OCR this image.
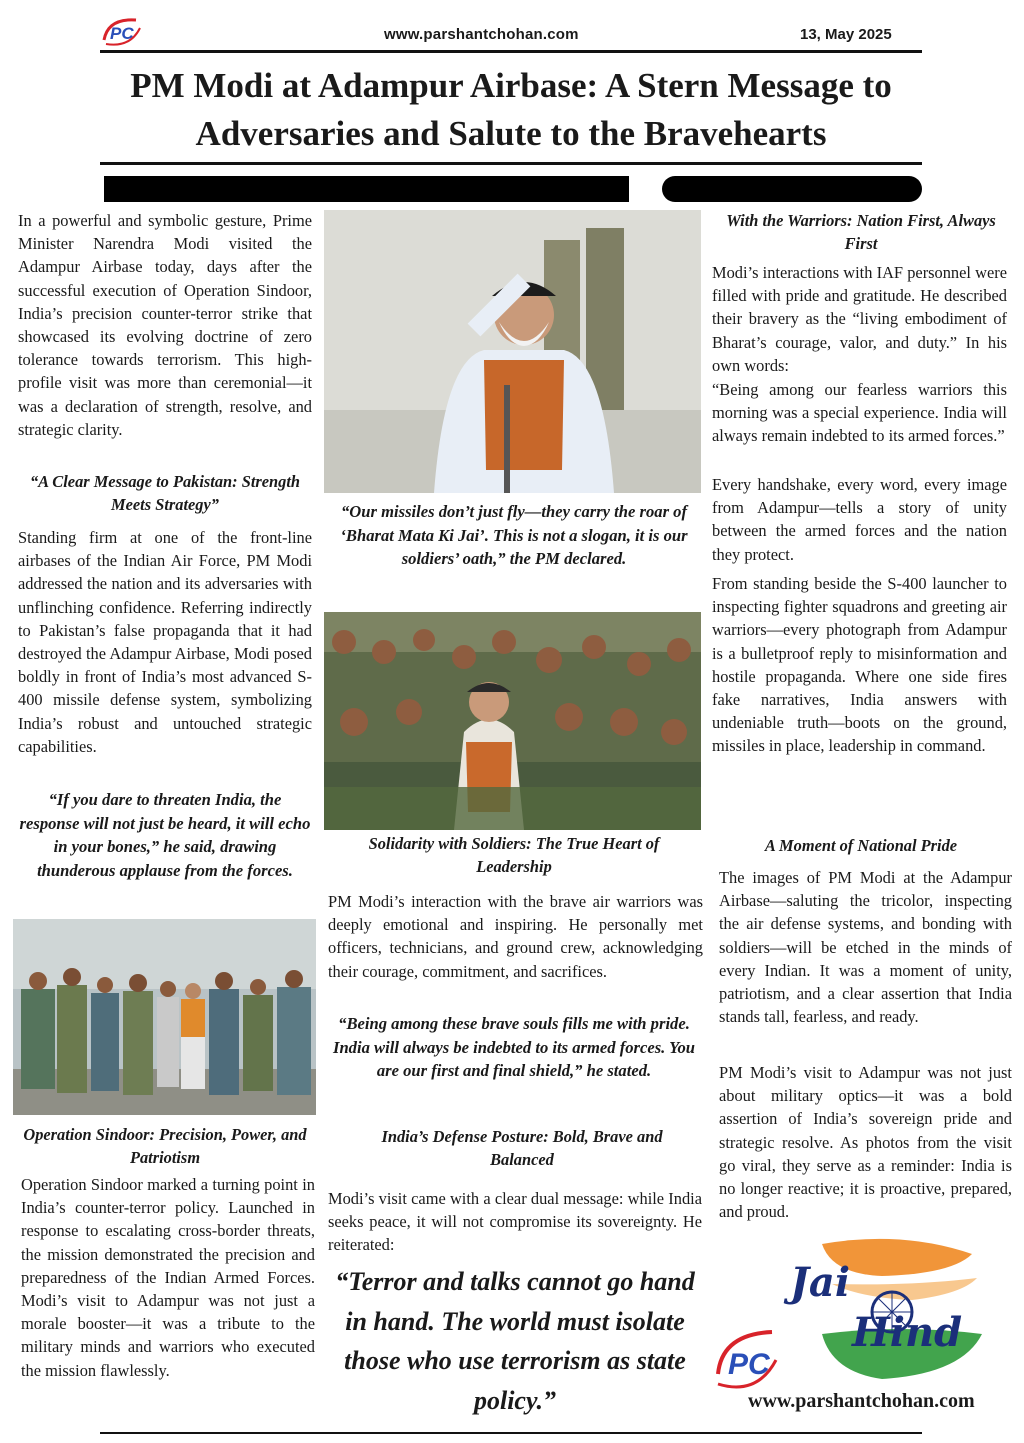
PC	www.parshantchohan.com	13, May 2025
PM Modi at Adampur Airbase: A Stern Message to Adversaries and Salute to the Bravehearts

In a powerful and symbolic gesture, Prime Minister Narendra Modi visited the Adampur Airbase today, days after the successful execution of Operation Sindoor, India’s precision counter-terror strike that showcased its evolving doctrine of zero tolerance towards terrorism. This high-profile visit was more than ceremonial—it was a declaration of strength, resolve, and strategic clarity.

“A Clear Message to Pakistan: Strength Meets Strategy”

Standing firm at one of the front-line airbases of the Indian Air Force, PM Modi addressed the nation and its adversaries with unflinching confidence. Referring indirectly to Pakistan’s false propaganda that it had destroyed the Adampur Airbase, Modi posed boldly in front of India’s most advanced S-400 missile defense system, symbolizing India’s robust and untouched strategic capabilities.

“If you dare to threaten India, the response will not just be heard, it will echo in your bones,” he said, drawing thunderous applause from the forces.

Operation Sindoor: Precision, Power, and Patriotism

Operation Sindoor marked a turning point in India’s counter-terror policy. Launched in response to escalating cross-border threats, the mission demonstrated the precision and preparedness of the Indian Armed Forces. Modi’s visit to Adampur was not just a morale booster—it was a tribute to the military minds and warriors who executed the mission flawlessly.

“Our missiles don’t just fly—they carry the roar of ‘Bharat Mata Ki Jai’. This is not a slogan, it is our soldiers’ oath,” the PM declared.

Solidarity with Soldiers: The True Heart of Leadership

PM Modi’s interaction with the brave air warriors was deeply emotional and inspiring. He personally met officers, technicians, and ground crew, acknowledging their courage, commitment, and sacrifices.

“Being among these brave souls fills me with pride. India will always be indebted to its armed forces. You are our first and final shield,” he stated.

India’s Defense Posture: Bold, Brave and Balanced

Modi’s visit came with a clear dual message: while India seeks peace, it will not compromise its sovereignty. He reiterated:

“Terror and talks cannot go hand in hand. The world must isolate those who use terrorism as state policy.”

With the Warriors: Nation First, Always First

Modi’s interactions with IAF personnel were filled with pride and gratitude. He described their bravery as the “living embodiment of Bharat’s courage, valor, and duty.” In his own words:

“Being among our fearless warriors this morning was a special experience. India will always remain indebted to its armed forces.”

Every handshake, every word, every image from Adampur—tells a story of unity between the armed forces and the nation they protect.

From standing beside the S-400 launcher to inspecting fighter squadrons and greeting air warriors—every photograph from Adampur is a bulletproof reply to misinformation and hostile propaganda. Where one side fires fake narratives, India answers with undeniable truth—boots on the ground, missiles in place, leadership in command.

A Moment of National Pride

The images of PM Modi at the Adampur Airbase—saluting the tricolor, inspecting the air defense systems, and bonding with soldiers—will be etched in the minds of every Indian. It was a moment of unity, patriotism, and a clear assertion that India stands tall, fearless, and ready.

PM Modi’s visit to Adampur was not just about military optics—it was a bold assertion of India’s sovereign pride and strategic resolve. As photos from the visit go viral, they serve as a reminder: India is no longer reactive; it is proactive, prepared, and proud.

Jai
Hind
PC
www.parshantchohan.com
